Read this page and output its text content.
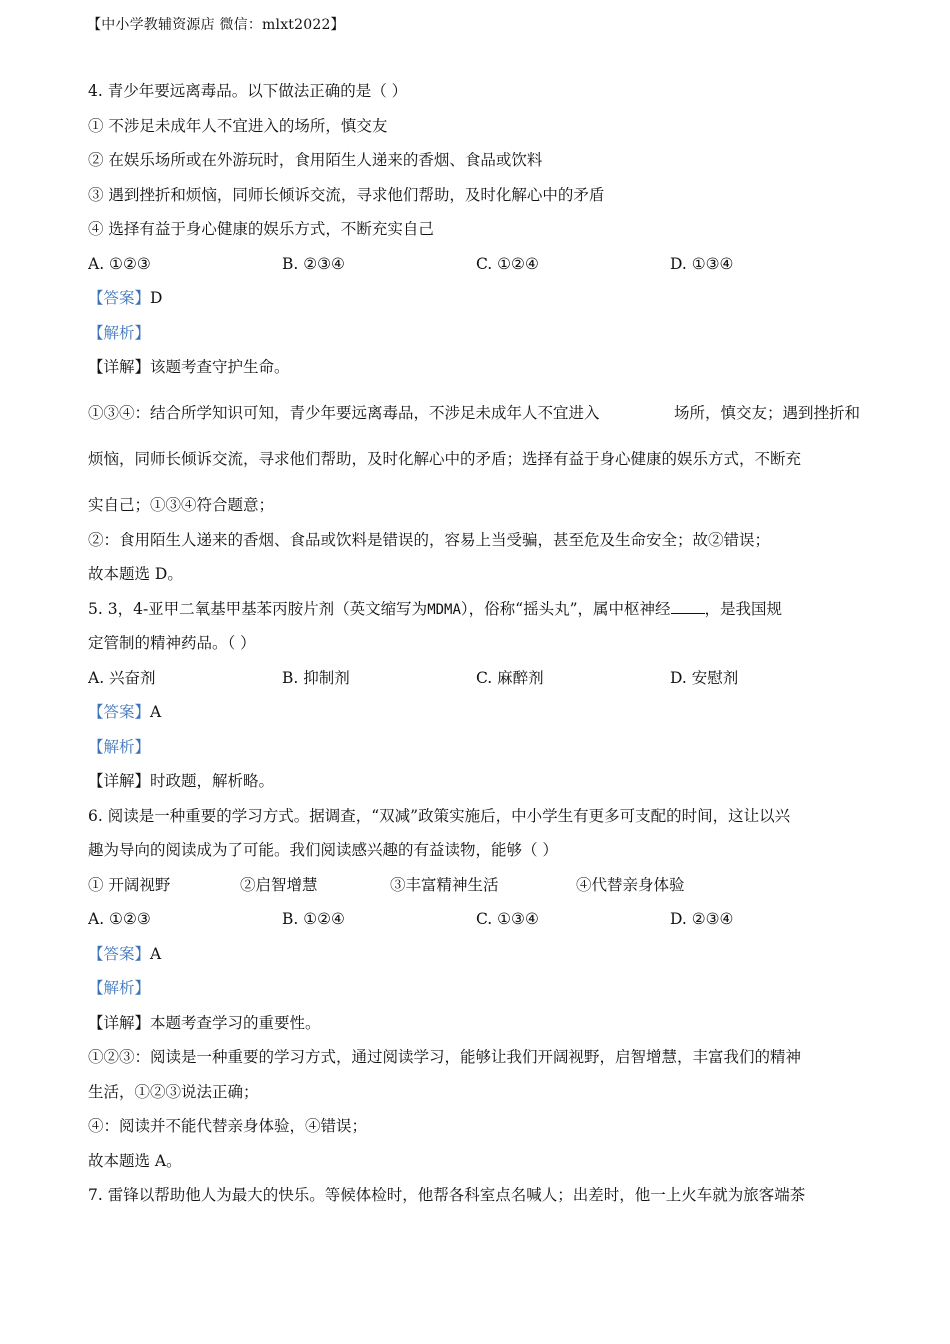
【中小学教辅资源店 微信：mlxt2022】
4. 青少年要远离毒品。以下做法正确的是（ ）
① 不涉足未成年人不宜进入的场所，慎交友
② 在娱乐场所或在外游玩时，食用陌生人递来的香烟、食品或饮料
③ 遇到挫折和烦恼，同师长倾诉交流，寻求他们帮助，及时化解心中的矛盾
④ 选择有益于身心健康的娱乐方式，不断充实自己
A. ①②③	B. ②③④	C. ①②④	D. ①③④
【答案】D
【解析】
【详解】该题考查守护生命。
①③④：结合所学知识可知，青少年要远离毒品，不涉足未成年人不宜进入	场所，慎交友；遇到挫折和
烦恼，同师长倾诉交流，寻求他们帮助，及时化解心中的矛盾；选择有益于身心健康的娱乐方式，不断充
实自己；①③④符合题意；
②：食用陌生人递来的香烟、食品或饮料是错误的，容易上当受骗，甚至危及生命安全；故②错误；
故本题选 D。
5. 3，4-亚甲二氧基甲基苯丙胺片剂（英文缩写为MDMA），俗称“摇头丸”，属中枢神经 ，是我国规
定管制的精神药品。（ ）
A. 兴奋剂	B. 抑制剂	C. 麻醉剂	D. 安慰剂
【答案】A
【解析】
【详解】时政题，解析略。
6. 阅读是一种重要的学习方式。据调查，“双减”政策实施后，中小学生有更多可支配的时间，这让以兴
趣为导向的阅读成为了可能。我们阅读感兴趣的有益读物，能够（ ）
① 开阔视野	②启智增慧	③丰富精神生活	④代替亲身体验
A. ①②③	B. ①②④	C. ①③④	D. ②③④
【答案】A
【解析】
【详解】本题考查学习的重要性。
①②③：阅读是一种重要的学习方式，通过阅读学习，能够让我们开阔视野，启智增慧，丰富我们的精神
生活，①②③说法正确；
④：阅读并不能代替亲身体验，④错误；
故本题选 A。
7. 雷锋以帮助他人为最大的快乐。等候体检时，他帮各科室点名喊人；出差时，他一上火车就为旅客端茶
